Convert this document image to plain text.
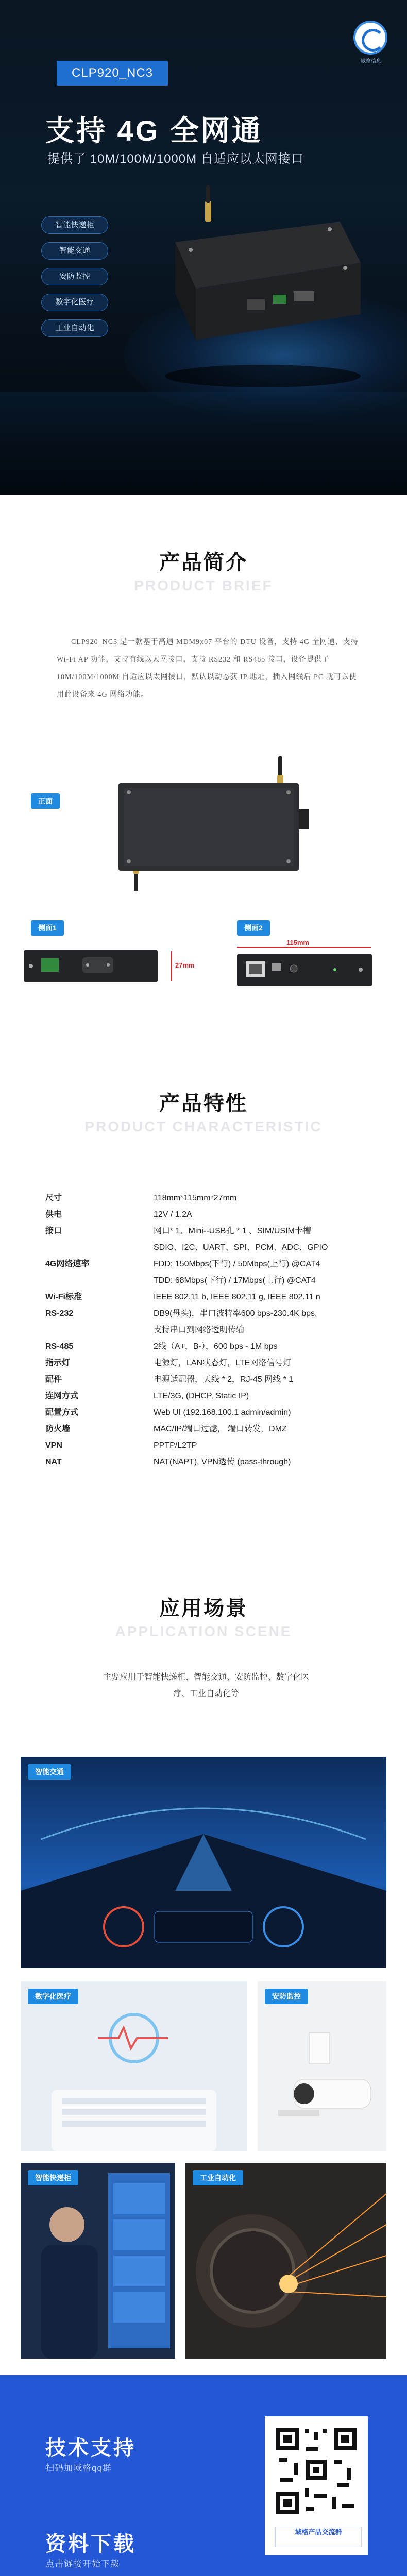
域格信息
CLP920_NC3
支持 4G 全网通
提供了 10M/100M/1000M 自适应以太网接口
智能快递柜
智能交通
安防监控
数字化医疗
工业自动化
产品简介
PRODUCT BRIEF
CLP920_NC3 是一款基于高通 MDM9x07 平台的 DTU 设备，支持 4G 全网通、支持 Wi-Fi AP 功能，支持有线以太网接口，支持 RS232 和 RS485 接口，设备提供了 10M/100M/1000M 自适应以太网接口，默认以动态获 IP 地址，插入网线后 PC 就可以使用此设备来 4G 网络功能。
正面
侧面1
27mm
侧面2
115mm
产品特性
PRODUCT CHARACTERISTIC
尺寸	118mm*115mm*27mm
供电	12V / 1.2A
接口	网口* 1、Mini--USB孔 * 1 、SIM/USIM卡槽
SDIO、I2C、UART、SPI、PCM、ADC、GPIO
4G网络速率	FDD: 150Mbps(下行) / 50Mbps(上行) @CAT4
TDD: 68Mbps(下行) / 17Mbps(上行) @CAT4
Wi-Fi标准	IEEE 802.11 b, IEEE 802.11 g, IEEE 802.11 n
RS-232	DB9(母头)，串口波特率600 bps-230.4K bps,
支持串口到网络透明传输
RS-485	2线（A+，B-），600 bps - 1M bps
指示灯	电源灯，LAN状态灯，LTE网络信号灯
配件	电源适配器，天线 * 2，RJ-45 网线 * 1
连网方式	LTE/3G, (DHCP, Static IP)
配置方式	Web UI (192.168.100.1 admin/admin)
防火墙	MAC/IP/端口过滤， 端口转发，DMZ
VPN	PPTP/L2TP
NAT	NAT(NAPT), VPN透传 (pass-through)
应用场景
APPLICATION SCENE
主要应用于智能快递柜、智能交通、安防监控、数字化医疗、工业自动化等
智能交通
数字化医疗	安防监控
智能快递柜	工业自动化
技术支持
扫码加域格qq群
资料下载
点击链接开始下载
域格产品交流群
